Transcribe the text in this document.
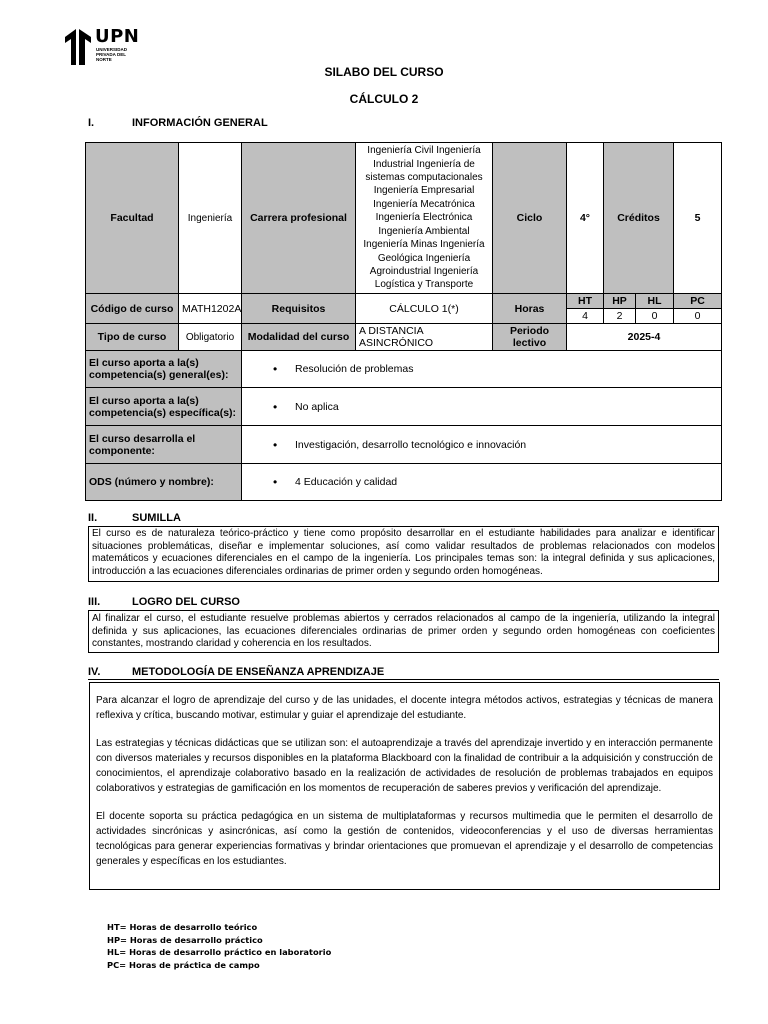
UPN
UNIVERSIDAD PRIVADA DEL NORTE
SILABO DEL CURSO
CÁLCULO 2
I.	INFORMACIÓN GENERAL
Facultad	Ingeniería	Carrera profesional	Ingeniería Civil Ingeniería Industrial Ingeniería de sistemas computacionales Ingeniería Empresarial Ingeniería Mecatrónica Ingeniería Electrónica Ingeniería Ambiental Ingeniería Minas Ingeniería Geológica Ingeniería Agroindustrial Ingeniería Logística y Transporte	Ciclo	4°	Créditos		5
Código de curso	MATH1202A	Requisitos	CÁLCULO 1(*)	Horas	HT	HP	HL	PC
					4	2	0	0
Tipo de curso	Obligatorio	Modalidad del curso	A DISTANCIA ASINCRÓNICO	Periodo lectivo	2025-4			
El curso aporta a la(s) competencia(s) general(es):		• Resolución de problemas

El curso aporta a la(s) competencia(s) específica(s):		• No aplica

El curso desarrolla el componente:		• Investigación, desarrollo tecnológico e innovación

ODS (número y nombre):		• 4 Educación y calidad
II.	SUMILLA

El curso es de naturaleza teórico-práctico y tiene como propósito desarrollar en el estudiante habilidades para analizar e identificar situaciones problemáticas, diseñar e implementar soluciones, así como validar resultados de problemas relacionados con modelos matemáticos y ecuaciones diferenciales en el campo de la ingeniería. Los principales temas son: la integral definida y sus aplicaciones, introducción a las ecuaciones diferenciales ordinarias de primer orden y segundo orden homogéneas.

III.	LOGRO DEL CURSO

Al finalizar el curso, el estudiante resuelve problemas abiertos y cerrados relacionados al campo de la ingeniería, utilizando la integral definida y sus aplicaciones, las ecuaciones diferenciales ordinarias de primer orden y segundo orden homogéneas con coeficientes constantes, mostrando claridad y coherencia en los resultados.

IV.	METODOLOGÍA DE ENSEÑANZA APRENDIZAJE

Para alcanzar el logro de aprendizaje del curso y de las unidades, el docente integra métodos activos, estrategias y técnicas de manera reflexiva y crítica, buscando motivar, estimular y guiar el aprendizaje del estudiante.

Las estrategias y técnicas didácticas que se utilizan son: el autoaprendizaje a través del aprendizaje invertido y en interacción permanente con diversos materiales y recursos disponibles en la plataforma Blackboard con la finalidad de contribuir a la adquisición y construcción de conocimientos, el aprendizaje colaborativo basado en la realización de actividades de resolución de problemas trabajados en equipos colaborativos y estrategias de gamificación en los momentos de recuperación de saberes previos y verificación del aprendizaje.

El docente soporta su práctica pedagógica en un sistema de multiplataformas y recursos multimedia que le permiten el desarrollo de actividades sincrónicas y asincrónicas, así como la gestión de contenidos, videoconferencias y el uso de diversas herramientas tecnológicas para generar experiencias formativas y brindar orientaciones que promuevan el aprendizaje y el desarrollo de competencias generales y específicas en los estudiantes.

HT= Horas de desarrollo teórico
HP= Horas de desarrollo práctico
HL= Horas de desarrollo práctico en laboratorio
PC= Horas de práctica de campo
